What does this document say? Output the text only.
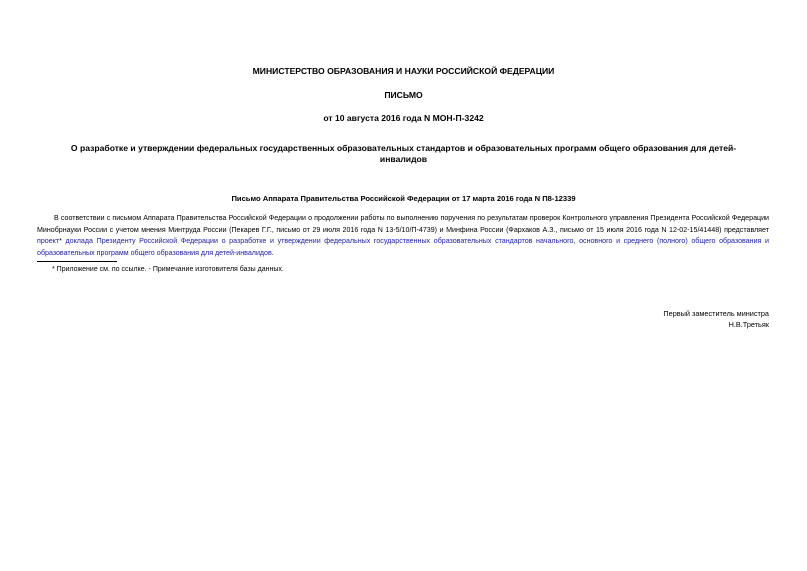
МИНИСТЕРСТВО ОБРАЗОВАНИЯ И НАУКИ РОССИЙСКОЙ ФЕДЕРАЦИИ
ПИСЬМО
от 10 августа 2016 года N МОН-П-3242
О разработке и утверждении федеральных государственных образовательных стандартов и образовательных программ общего образования для детей-инвалидов
Письмо Аппарата Правительства Российской Федерации от 17 марта 2016 года N П8-12339

В соответствии с письмом Аппарата Правительства Российской Федерации о продолжении работы по выполнению поручения по результатам проверок Контрольного управления Президента Российской Федерации Минобрнауки России с учетом мнения Минтруда России (Пекарев Г.Г., письмо от 29 июля 2016 года N 13-5/10/П-4739) и Минфина России (Фархаков А.З., письмо от 15 июля 2016 года N 12-02-15/41448) представляет проект* доклада Президенту Российской Федерации о разработке и утверждении федеральных государственных образовательных стандартов начального, основного и среднего (полного) общего образования и образовательных программ общего образования для детей-инвалидов.

* Приложение см. по ссылке. - Примечание изготовителя базы данных.
Первый заместитель министра
Н.В.Третьяк
